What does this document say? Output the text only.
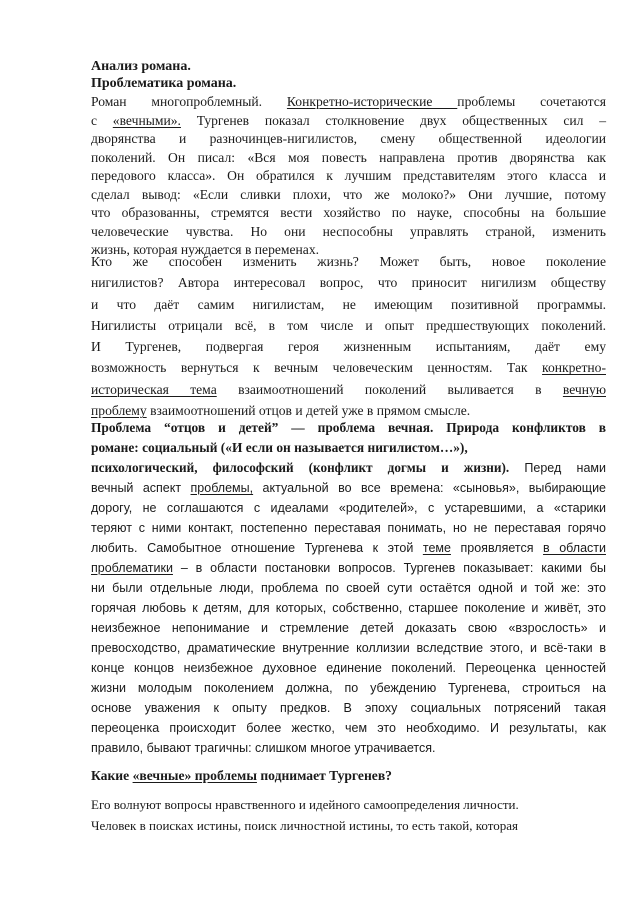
Анализ романа.
Проблематика романа.
Роман многопроблемный. Конкретно-исторические проблемы сочетаются
с «вечными». Тургенев показал столкновение двух общественных сил –
дворянства и разночинцев-нигилистов, смену общественной идеологии
поколений. Он писал: «Вся моя повесть направлена против дворянства как
передового класса». Он обратился к лучшим представителям этого класса и
сделал вывод: «Если сливки плохи, что же молоко?» Они лучшие, потому
что образованны, стремятся вести хозяйство по науке, способны на большие
человеческие чувства. Но они неспособны управлять страной, изменить
жизнь, которая нуждается в переменах.
Кто же способен изменить жизнь? Может быть, новое поколение
нигилистов? Автора интересовал вопрос, что приносит нигилизм обществу
и что даёт самим нигилистам, не имеющим позитивной программы.
Нигилисты отрицали всё, в том числе и опыт предшествующих поколений.
И Тургенев, подвергая героя жизненным испытаниям, даёт ему
возможность вернуться к вечным человеческим ценностям. Так конкретно-
историческая тема взаимоотношений поколений выливается в вечную
проблему взаимоотношений отцов и детей уже в прямом смысле.
Проблема “отцов и детей” — проблема вечная. Природа конфликтов в
романе: социальный («И если он называется нигилистом…»),
психологический, философский (конфликт догмы и жизни). Перед нами
вечный аспект проблемы, актуальной во все времена: «сыновья», выбирающие
дорогу, не соглашаются с идеалами «родителей», с устаревшими, а «старики
теряют с ними контакт, постепенно переставая понимать, но не переставая горячо
любить. Самобытное отношение Тургенева к этой теме проявляется в области
проблематики – в области постановки вопросов. Тургенев показывает: какими бы
ни были отдельные люди, проблема по своей сути остаётся одной и той же: это
горячая любовь к детям, для которых, собственно, старшее поколение и живёт, это
неизбежное непонимание и стремление детей доказать свою «взрослость» и
превосходство, драматические внутренние коллизии вследствие этого, и всё-таки в
конце концов неизбежное духовное единение поколений. Переоценка ценностей
жизни молодым поколением должна, по убеждению Тургенева, строиться на
основе уважения к опыту предков. В эпоху социальных потрясений такая
переоценка происходит более жестко, чем это необходимо. И результаты, как
правило, бывают трагичны: слишком многое утрачивается.
Какие «вечные» проблемы поднимает Тургенев?
Его волнуют вопросы нравственного и идейного самоопределения личности.
Человек в поисках истины, поиск личностной истины, то есть такой, которая
